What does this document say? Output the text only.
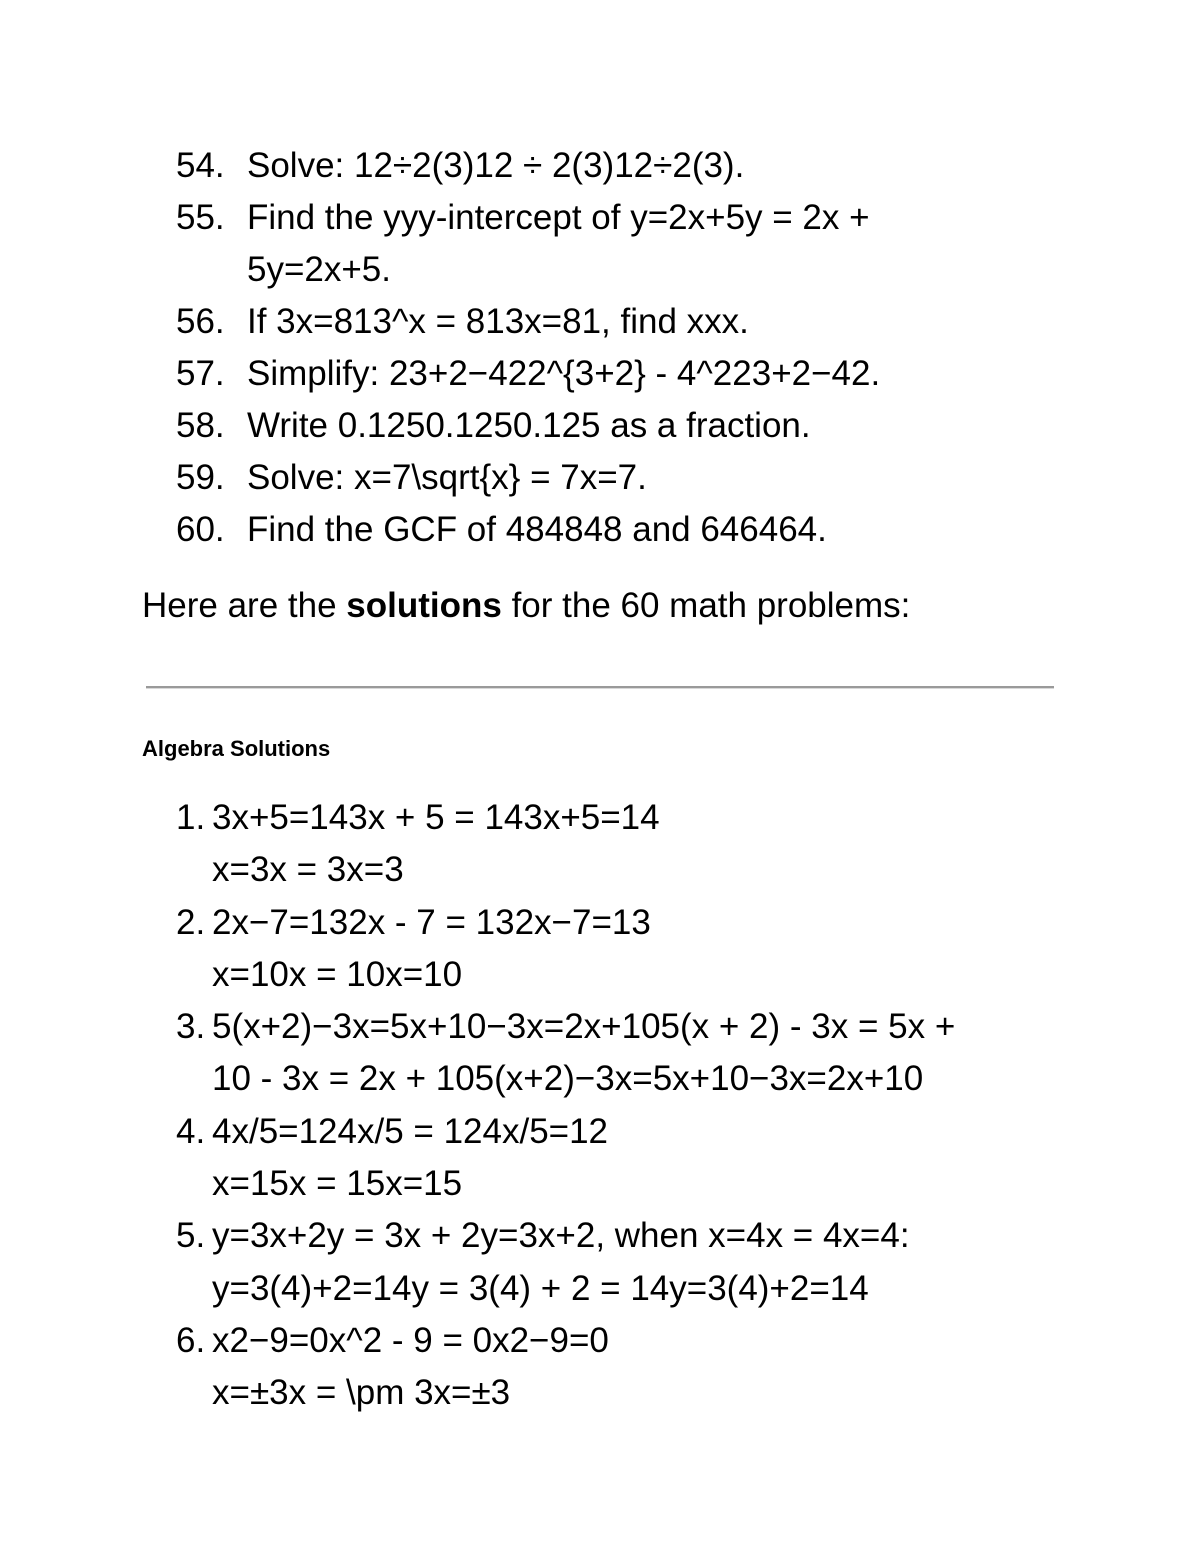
54. Solve: 12÷2(3)12 ÷ 2(3)12÷2(3).
55. Find the yyy-intercept of y=2x+5y = 2x +
5y=2x+5.
56. If 3x=813^x = 813x=81, find xxx.
57. Simplify: 23+2−422^{3+2} - 4^223+2−42.
58. Write 0.1250.1250.125 as a fraction.
59. Solve: x=7\sqrt{x} = 7x=7.
60. Find the GCF of 484848 and 646464.
Here are the solutions for the 60 math problems:
Algebra Solutions
1. 3x+5=143x + 5 = 143x+5=14
x=3x = 3x=3
2. 2x−7=132x - 7 = 132x−7=13
x=10x = 10x=10
3. 5(x+2)−3x=5x+10−3x=2x+105(x + 2) - 3x = 5x +
10 - 3x = 2x + 105(x+2)−3x=5x+10−3x=2x+10
4. 4x/5=124x/5 = 124x/5=12
x=15x = 15x=15
5. y=3x+2y = 3x + 2y=3x+2, when x=4x = 4x=4:
y=3(4)+2=14y = 3(4) + 2 = 14y=3(4)+2=14
6. x2−9=0x^2 - 9 = 0x2−9=0
x=±3x = \pm 3x=±3
